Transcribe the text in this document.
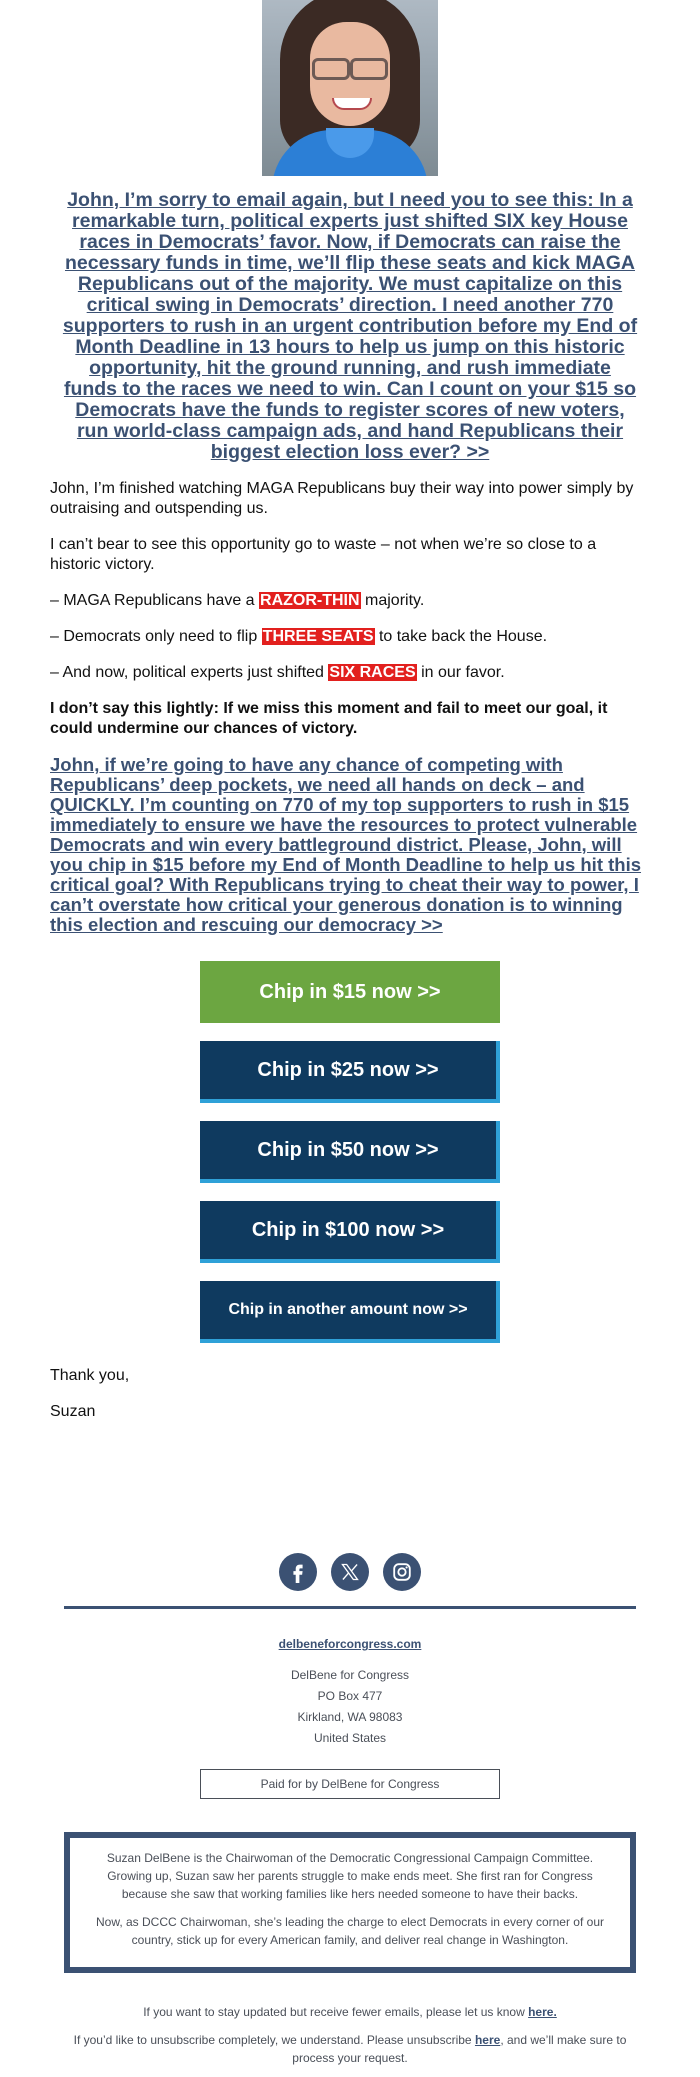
John, I’m sorry to email again, but I need you to see this: In a remarkable turn, political experts just shifted SIX key House races in Democrats’ favor. Now, if Democrats can raise the necessary funds in time, we’ll flip these seats and kick MAGA Republicans out of the majority. We must capitalize on this critical swing in Democrats’ direction. I need another 770 supporters to rush in an urgent contribution before my End of Month Deadline in 13 hours to help us jump on this historic opportunity, hit the ground running, and rush immediate funds to the races we need to win. Can I count on your $15 so Democrats have the funds to register scores of new voters, run world-class campaign ads, and hand Republicans their biggest election loss ever? >>

John, I’m finished watching MAGA Republicans buy their way into power simply by outraising and outspending us.

I can’t bear to see this opportunity go to waste – not when we’re so close to a historic victory.

– MAGA Republicans have a RAZOR-THIN majority.

– Democrats only need to flip THREE SEATS to take back the House.

– And now, political experts just shifted SIX RACES in our favor.

I don’t say this lightly: If we miss this moment and fail to meet our goal, it could undermine our chances of victory.

John, if we’re going to have any chance of competing with Republicans’ deep pockets, we need all hands on deck – and QUICKLY. I’m counting on 770 of my top supporters to rush in $15 immediately to ensure we have the resources to protect vulnerable Democrats and win every battleground district. Please, John, will you chip in $15 before my End of Month Deadline to help us hit this critical goal? With Republicans trying to cheat their way to power, I can’t overstate how critical your generous donation is to winning this election and rescuing our democracy >>
Chip in $15 now >>
Chip in $25 now >>
Chip in $50 now >>
Chip in $100 now >>
Chip in another amount now >>

Thank you,

Suzan

delbeneforcongress.com
DelBene for Congress
PO Box 477
Kirkland, WA 98083
United States
Paid for by DelBene for Congress

Suzan DelBene is the Chairwoman of the Democratic Congressional Campaign Committee. Growing up, Suzan saw her parents struggle to make ends meet. She first ran for Congress because she saw that working families like hers needed someone to have their backs.

Now, as DCCC Chairwoman, she’s leading the charge to elect Democrats in every corner of our country, stick up for every American family, and deliver real change in Washington.

If you want to stay updated but receive fewer emails, please let us know here.

If you’d like to unsubscribe completely, we understand. Please unsubscribe here, and we’ll make sure to process your request.
